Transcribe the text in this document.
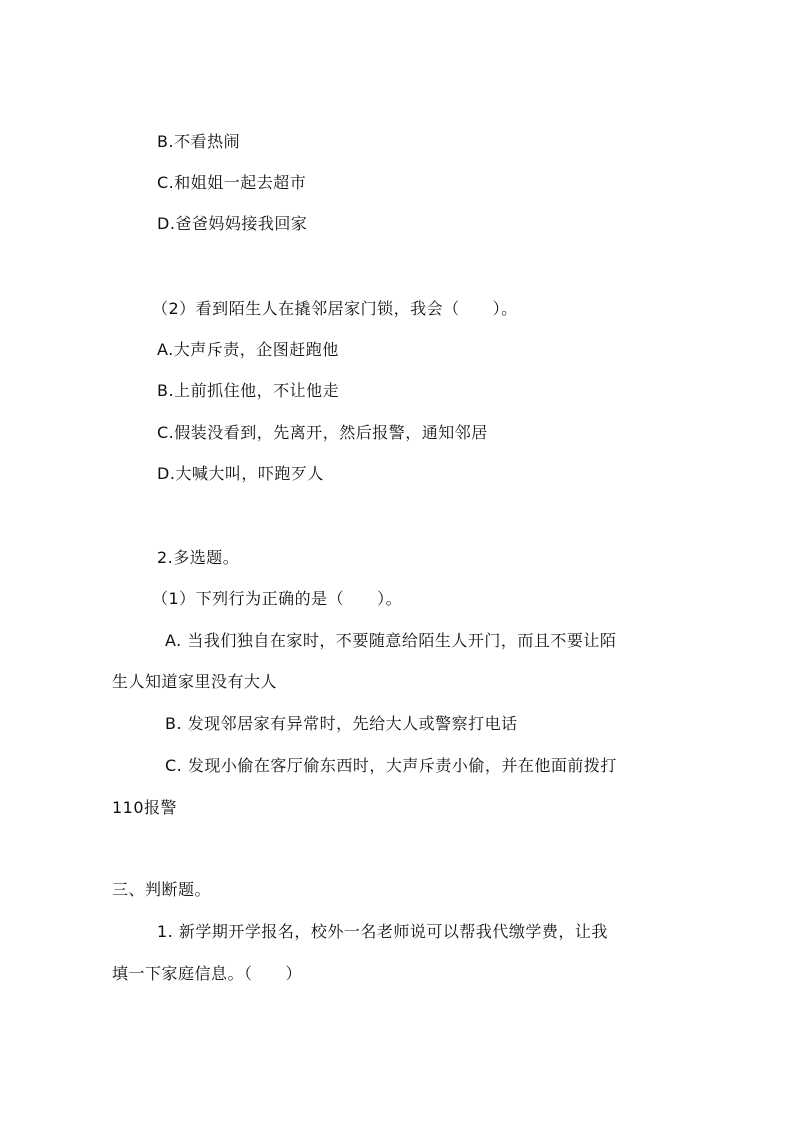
B.不看热闹
C.和姐姐一起去超市
D.爸爸妈妈接我回家
（2）看到陌生人在撬邻居家门锁，我会（　　）。
A.大声斥责，企图赶跑他
B.上前抓住他，不让他走
C.假装没看到，先离开，然后报警，通知邻居
D.大喊大叫，吓跑歹人
2.多选题。
（1）下列行为正确的是（　　）。
A. 当我们独自在家时，不要随意给陌生人开门，而且不要让陌
生人知道家里没有大人
B. 发现邻居家有异常时，先给大人或警察打电话
C. 发现小偷在客厅偷东西时，大声斥责小偷，并在他面前拨打
110报警
三、判断题。
1. 新学期开学报名，校外一名老师说可以帮我代缴学费，让我
填一下家庭信息。（　　）
